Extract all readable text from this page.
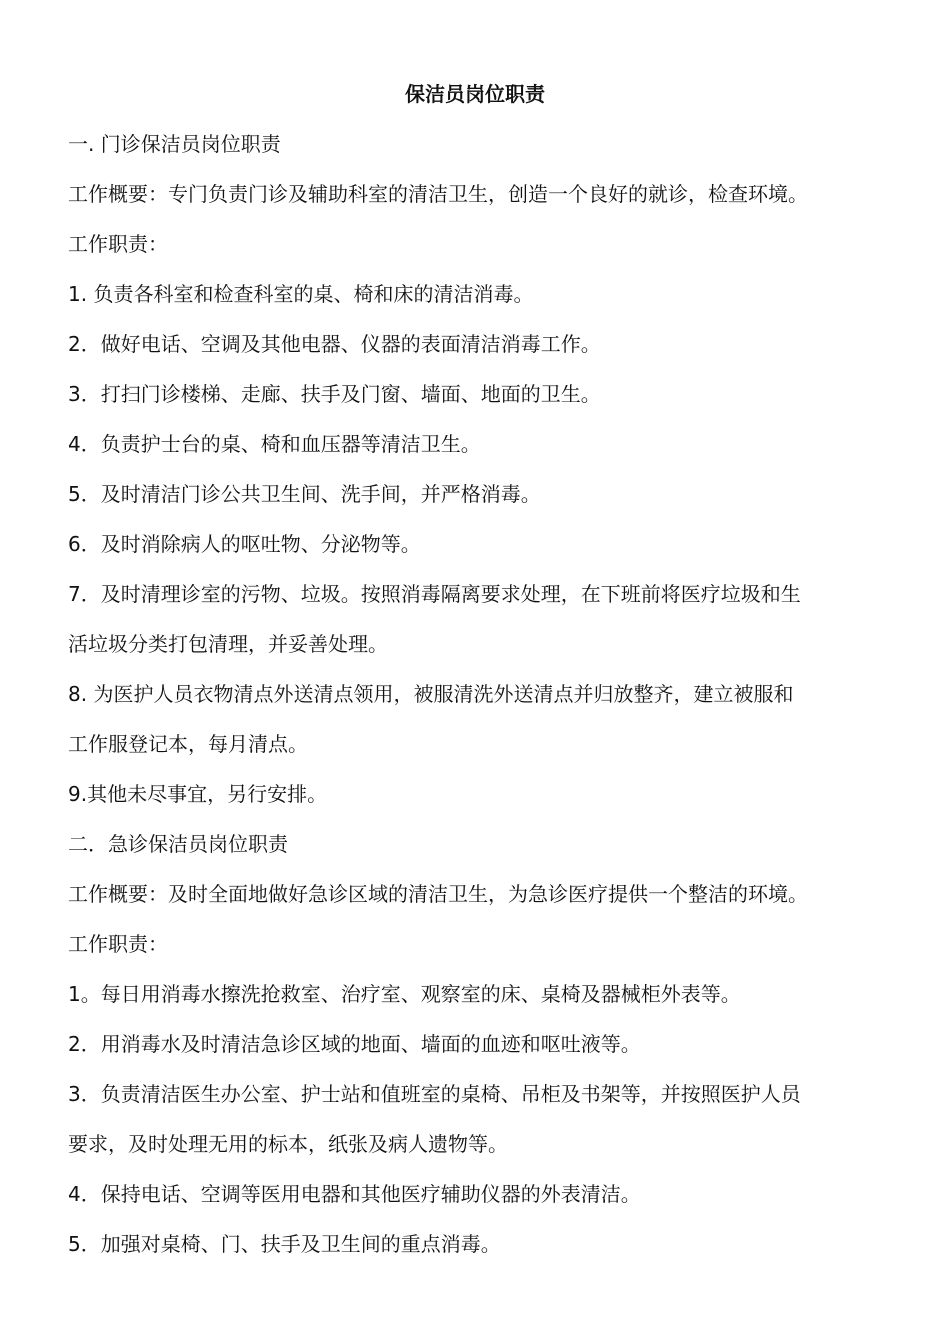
保洁员岗位职责
一. 门诊保洁员岗位职责
工作概要：专门负责门诊及辅助科室的清洁卫生，创造一个良好的就诊，检查环境。
工作职责：
1. 负责各科室和检查科室的桌、椅和床的清洁消毒。
2．做好电话、空调及其他电器、仪器的表面清洁消毒工作。
3．打扫门诊楼梯、走廊、扶手及门窗、墙面、地面的卫生。
4．负责护士台的桌、椅和血压器等清洁卫生。
5．及时清洁门诊公共卫生间、洗手间，并严格消毒。
6．及时消除病人的呕吐物、分泌物等。
7．及时清理诊室的污物、垃圾。按照消毒隔离要求处理，在下班前将医疗垃圾和生
活垃圾分类打包清理，并妥善处理。
8. 为医护人员衣物清点外送清点领用，被服清洗外送清点并归放整齐，建立被服和
工作服登记本，每月清点。
9.其他未尽事宜，另行安排。
二．急诊保洁员岗位职责
工作概要：及时全面地做好急诊区域的清洁卫生，为急诊医疗提供一个整洁的环境。
工作职责：
1。每日用消毒水擦洗抢救室、治疗室、观察室的床、桌椅及器械柜外表等。
2．用消毒水及时清洁急诊区域的地面、墙面的血迹和呕吐液等。
3．负责清洁医生办公室、护士站和值班室的桌椅、吊柜及书架等，并按照医护人员
要求，及时处理无用的标本，纸张及病人遗物等。
4．保持电话、空调等医用电器和其他医疗辅助仪器的外表清洁。
5．加强对桌椅、门、扶手及卫生间的重点消毒。
